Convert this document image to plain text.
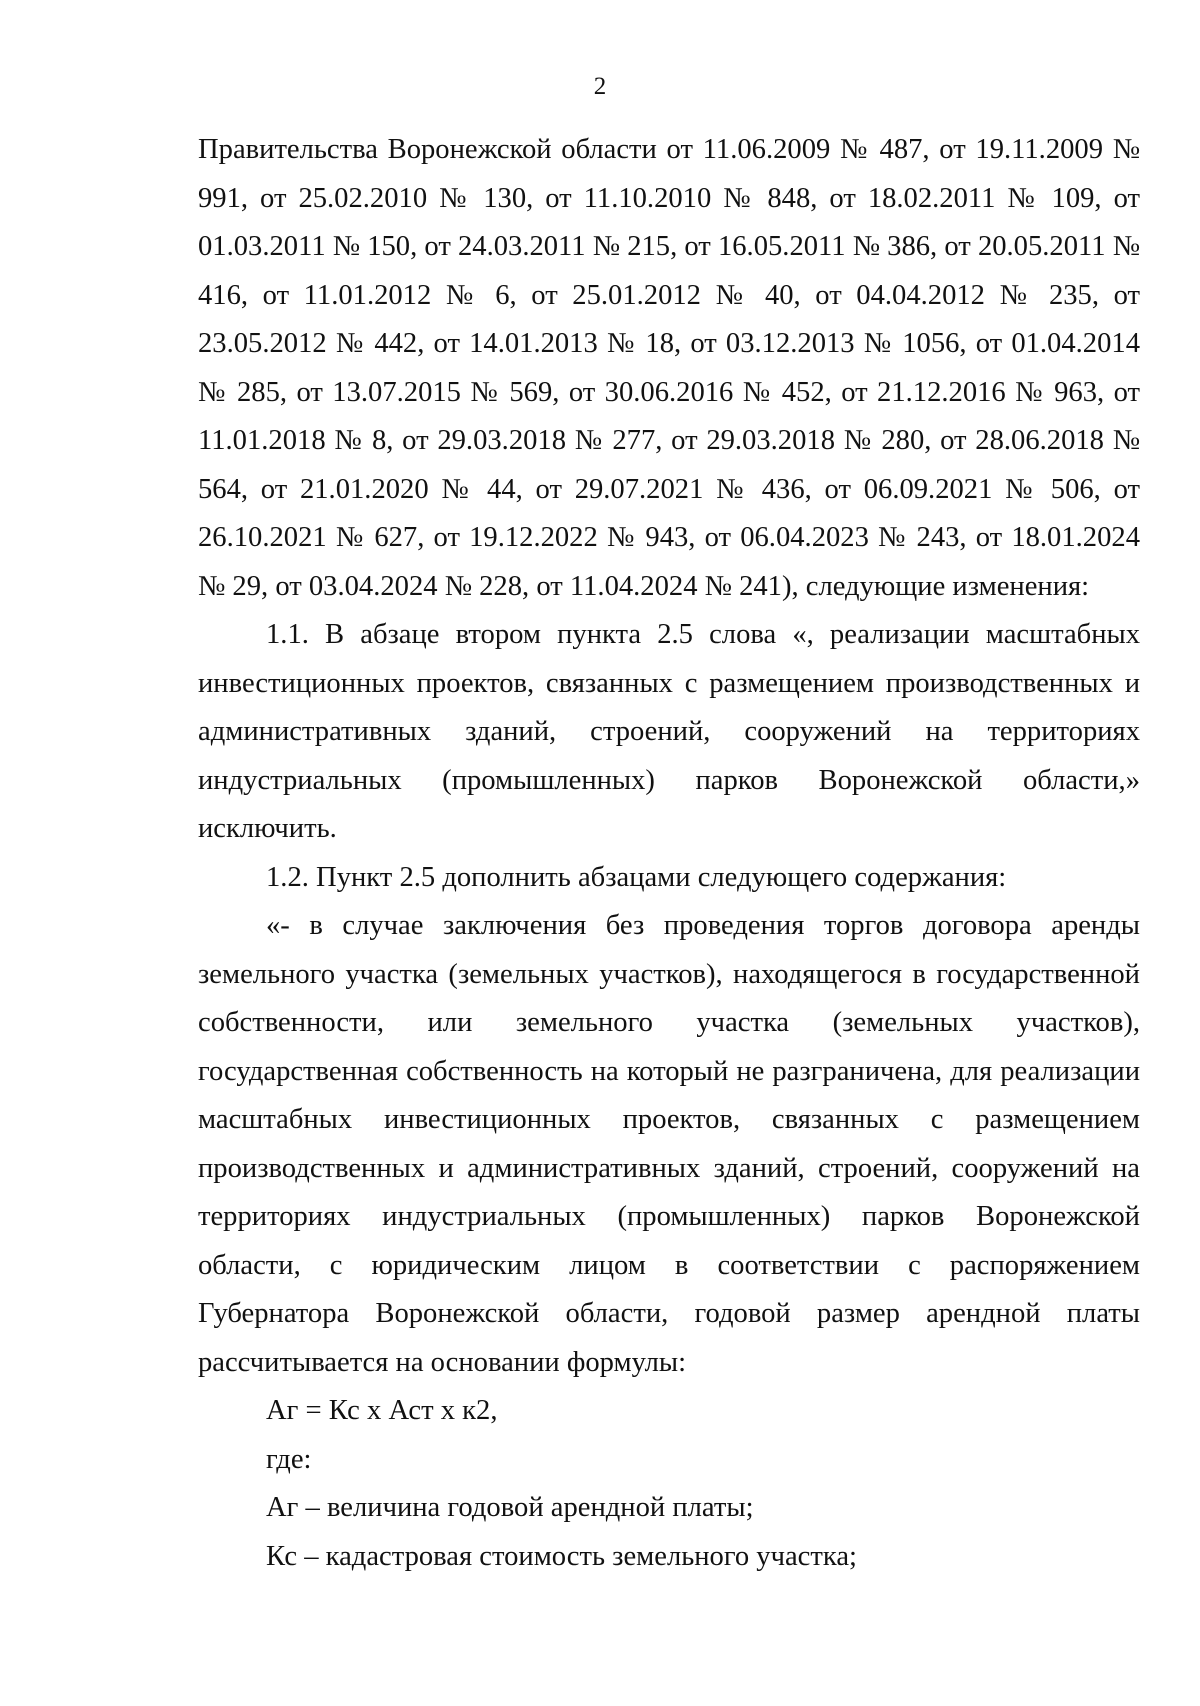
2

Правительства Воронежской области от 11.06.2009 № 487, от 19.11.2009 № 991, от 25.02.2010 № 130, от 11.10.2010 № 848, от 18.02.2011 № 109, от 01.03.2011 № 150, от 24.03.2011 № 215, от 16.05.2011 № 386, от 20.05.2011 № 416, от 11.01.2012 № 6, от 25.01.2012 № 40, от 04.04.2012 № 235, от 23.05.2012 № 442, от 14.01.2013 № 18, от 03.12.2013 № 1056, от 01.04.2014 № 285, от 13.07.2015 № 569, от 30.06.2016 № 452, от 21.12.2016 № 963, от 11.01.2018 № 8, от 29.03.2018 № 277, от 29.03.2018 № 280, от 28.06.2018 № 564, от 21.01.2020 № 44, от 29.07.2021 № 436, от 06.09.2021 № 506, от 26.10.2021 № 627, от 19.12.2022 № 943, от 06.04.2023 № 243, от 18.01.2024 № 29, от 03.04.2024 № 228, от 11.04.2024 № 241), следующие изменения:

1.1. В абзаце втором пункта 2.5 слова «, реализации масштабных инвестиционных проектов, связанных с размещением производственных и административных зданий, строений, сооружений на территориях индустриальных (промышленных) парков Воронежской области,» исключить.

1.2. Пункт 2.5 дополнить абзацами следующего содержания:

«- в случае заключения без проведения торгов договора аренды земельного участка (земельных участков), находящегося в государственной собственности, или земельного участка (земельных участков), государственная собственность на который не разграничена, для реализации масштабных инвестиционных проектов, связанных с размещением производственных и административных зданий, строений, сооружений на территориях индустриальных (промышленных) парков Воронежской области, с юридическим лицом в соответствии с распоряжением Губернатора Воронежской области, годовой размер арендной платы рассчитывается на основании формулы:

Аг = Кс х Аст х к2,

где:

Аг – величина годовой арендной платы;

Кс – кадастровая стоимость земельного участка;
